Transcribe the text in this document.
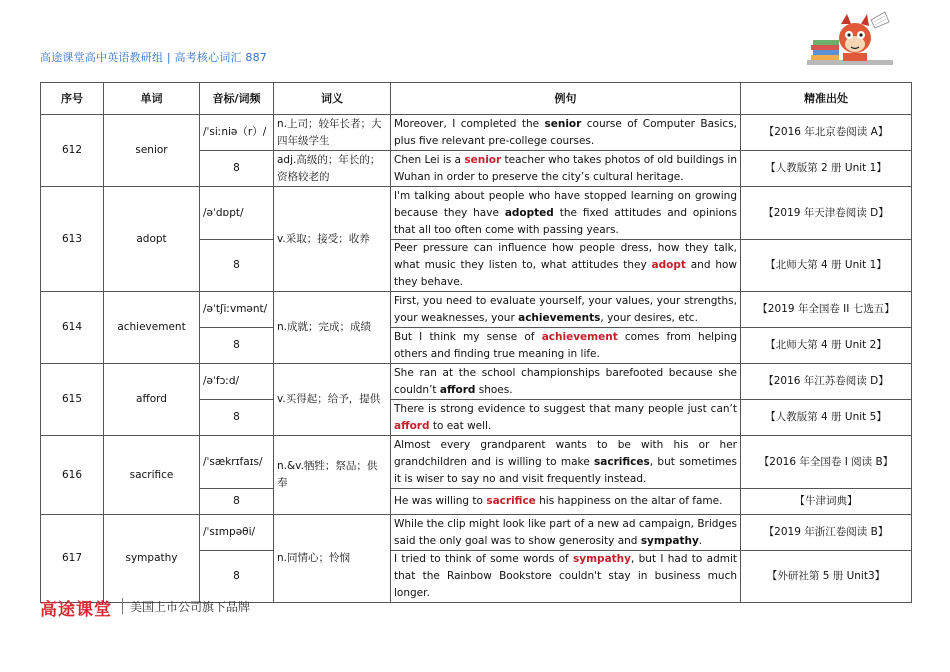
高途课堂高中英语教研组 | 高考核心词汇 887
序号	单词	音标/词频	词义	例句	精准出处
612	senior	/ˈsiːniə（r）/	n.上司；较年长者；大四年级学生	Moreover, I completed the senior course of Computer Basics, plus five relevant pre-college courses.	【2016 年北京卷阅读 A】
		8	adj.高级的；年长的；资格较老的	Chen Lei is a senior teacher who takes photos of old buildings in Wuhan in order to preserve the city’s cultural heritage.	【人教版第 2 册 Unit 1】
613	adopt	/əˈdɒpt/	v.采取；接受；收养	I'm talking about people who have stopped learning on growing because they have adopted the fixed attitudes and opinions that all too often come with passing years.	【2019 年天津卷阅读 D】
		8		Peer pressure can influence how people dress, how they talk, what music they listen to, what attitudes they adopt and how they behave.	【北师大第 4 册 Unit 1】
614	achievement	/əˈtʃiːvmənt/	n.成就；完成；成绩	First, you need to evaluate yourself, your values, your strengths, your weaknesses, your achievements, your desires, etc.	【2019 年全国卷 II 七选五】
		8		But I think my sense of achievement comes from helping others and finding true meaning in life.	【北师大第 4 册 Unit 2】
615	afford	/əˈfɔːd/	v.买得起；给予，提供	She ran at the school championships barefooted because she couldn’t afford shoes.	【2016 年江苏卷阅读 D】
		8		There is strong evidence to suggest that many people just can’t afford to eat well.	【人教版第 4 册 Unit 5】
616	sacrifice	/ˈsækrɪfaɪs/	n.&v.牺牲；祭品；供奉	Almost every grandparent wants to be with his or her grandchildren and is willing to make sacrifices, but sometimes it is wiser to say no and visit frequently instead.	【2016 年全国卷 I 阅读 B】
		8		He was willing to sacrifice his happiness on the altar of fame.	【牛津词典】
617	sympathy	/ˈsɪmpəθi/	n.同情心；怜悯	While the clip might look like part of a new ad campaign, Bridges said the only goal was to show generosity and sympathy.	【2019 年浙江卷阅读 B】
		8		I tried to think of some words of sympathy, but I had to admit that the Rainbow Bookstore couldn't stay in business much longer.	【外研社第 5 册 Unit3】
高途课堂 美国上市公司旗下品牌
